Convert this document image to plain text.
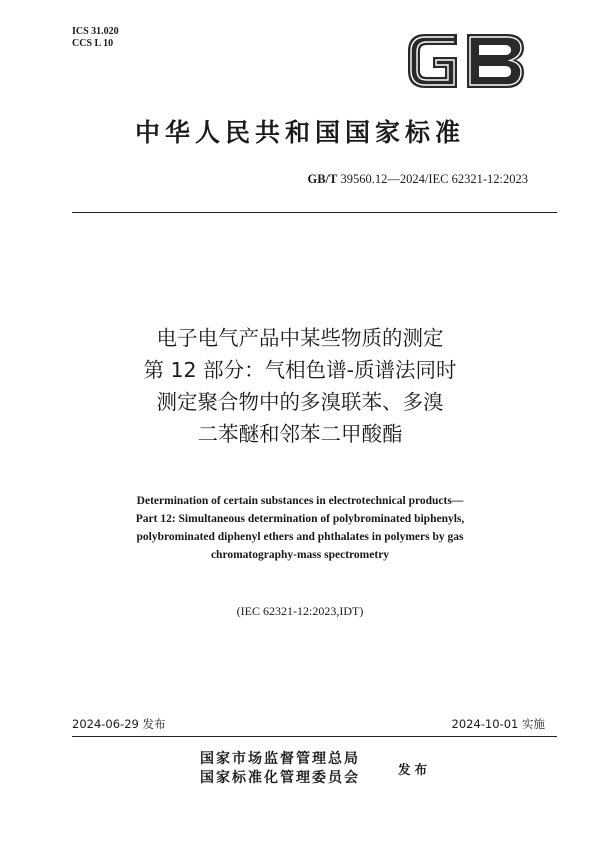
ICS 31.020
CCS L 10
中华人民共和国国家标准
GB/T 39560.12—2024/IEC 62321-12:2023
电子电气产品中某些物质的测定
第 12 部分：气相色谱-质谱法同时
测定聚合物中的多溴联苯、多溴
二苯醚和邻苯二甲酸酯
Determination of certain substances in electrotechnical products—
Part 12: Simultaneous determination of polybrominated biphenyls,
polybrominated diphenyl ethers and phthalates in polymers by gas
chromatography-mass spectrometry
(IEC 62321-12:2023,IDT)
2024-06-29 发布	2024-10-01 实施
国家市场监督管理总局
国家标准化管理委员会
发布
